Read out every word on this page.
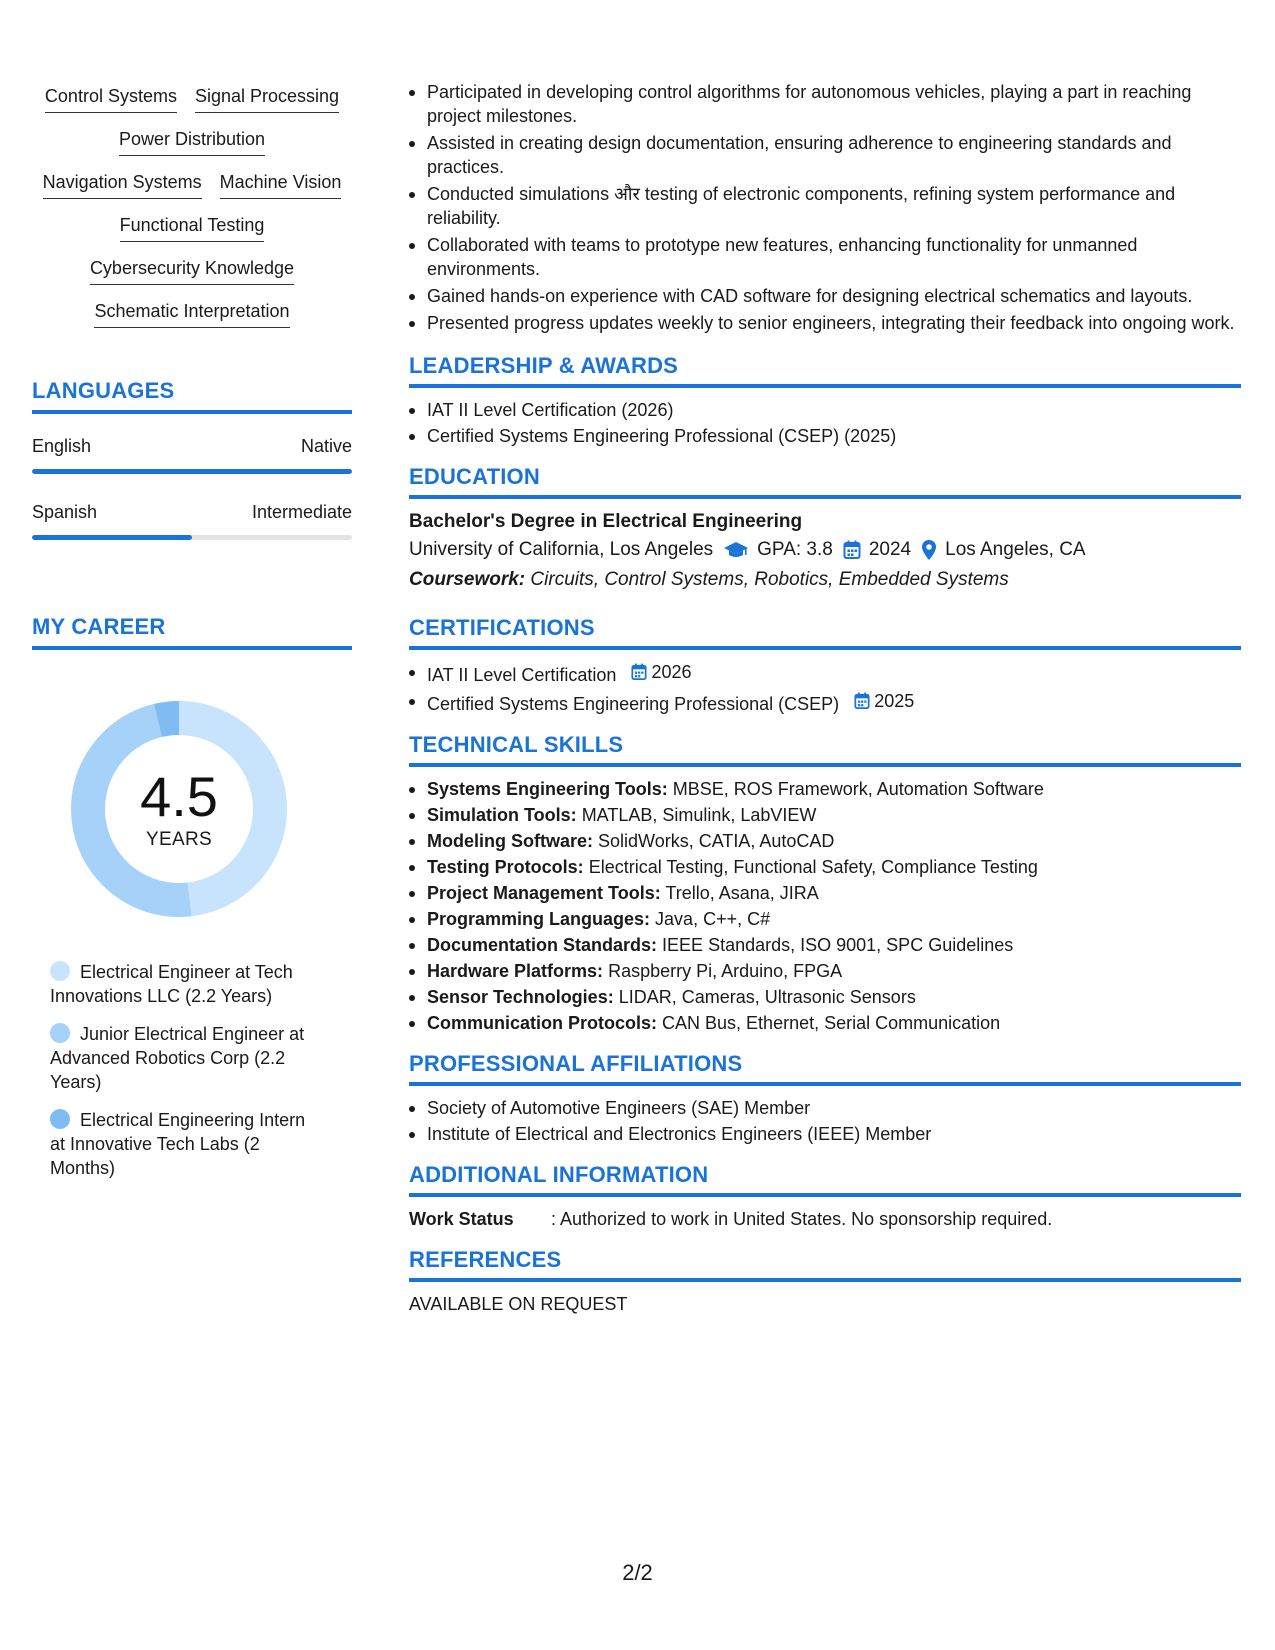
Control Systems Signal Processing
Power Distribution
Navigation Systems Machine Vision
Functional Testing
Cybersecurity Knowledge
Schematic Interpretation
LANGUAGES
English	Native
Spanish	Intermediate
MY CAREER
4.5
YEARS
Electrical Engineer at Tech Innovations LLC (2.2 Years)
Junior Electrical Engineer at Advanced Robotics Corp (2.2 Years)
Electrical Engineering Intern at Innovative Tech Labs (2 Months)
Participated in developing control algorithms for autonomous vehicles, playing a part in reaching project milestones.
Assisted in creating design documentation, ensuring adherence to engineering standards and practices.
Conducted simulations और testing of electronic components, refining system performance and reliability.
Collaborated with teams to prototype new features, enhancing functionality for unmanned environments.
Gained hands-on experience with CAD software for designing electrical schematics and layouts.
Presented progress updates weekly to senior engineers, integrating their feedback into ongoing work.
LEADERSHIP & AWARDS
IAT II Level Certification (2026)
Certified Systems Engineering Professional (CSEP) (2025)
EDUCATION
Bachelor's Degree in Electrical Engineering
University of California, Los Angeles GPA: 3.8 2024 Los Angeles, CA
Coursework: Circuits, Control Systems, Robotics, Embedded Systems
CERTIFICATIONS
IAT II Level Certification 2026
Certified Systems Engineering Professional (CSEP) 2025
TECHNICAL SKILLS
Systems Engineering Tools: MBSE, ROS Framework, Automation Software
Simulation Tools: MATLAB, Simulink, LabVIEW
Modeling Software: SolidWorks, CATIA, AutoCAD
Testing Protocols: Electrical Testing, Functional Safety, Compliance Testing
Project Management Tools: Trello, Asana, JIRA
Programming Languages: Java, C++, C#
Documentation Standards: IEEE Standards, ISO 9001, SPC Guidelines
Hardware Platforms: Raspberry Pi, Arduino, FPGA
Sensor Technologies: LIDAR, Cameras, Ultrasonic Sensors
Communication Protocols: CAN Bus, Ethernet, Serial Communication
PROFESSIONAL AFFILIATIONS
Society of Automotive Engineers (SAE) Member
Institute of Electrical and Electronics Engineers (IEEE) Member
ADDITIONAL INFORMATION
Work Status	: Authorized to work in United States. No sponsorship required.
REFERENCES
AVAILABLE ON REQUEST
2/2
